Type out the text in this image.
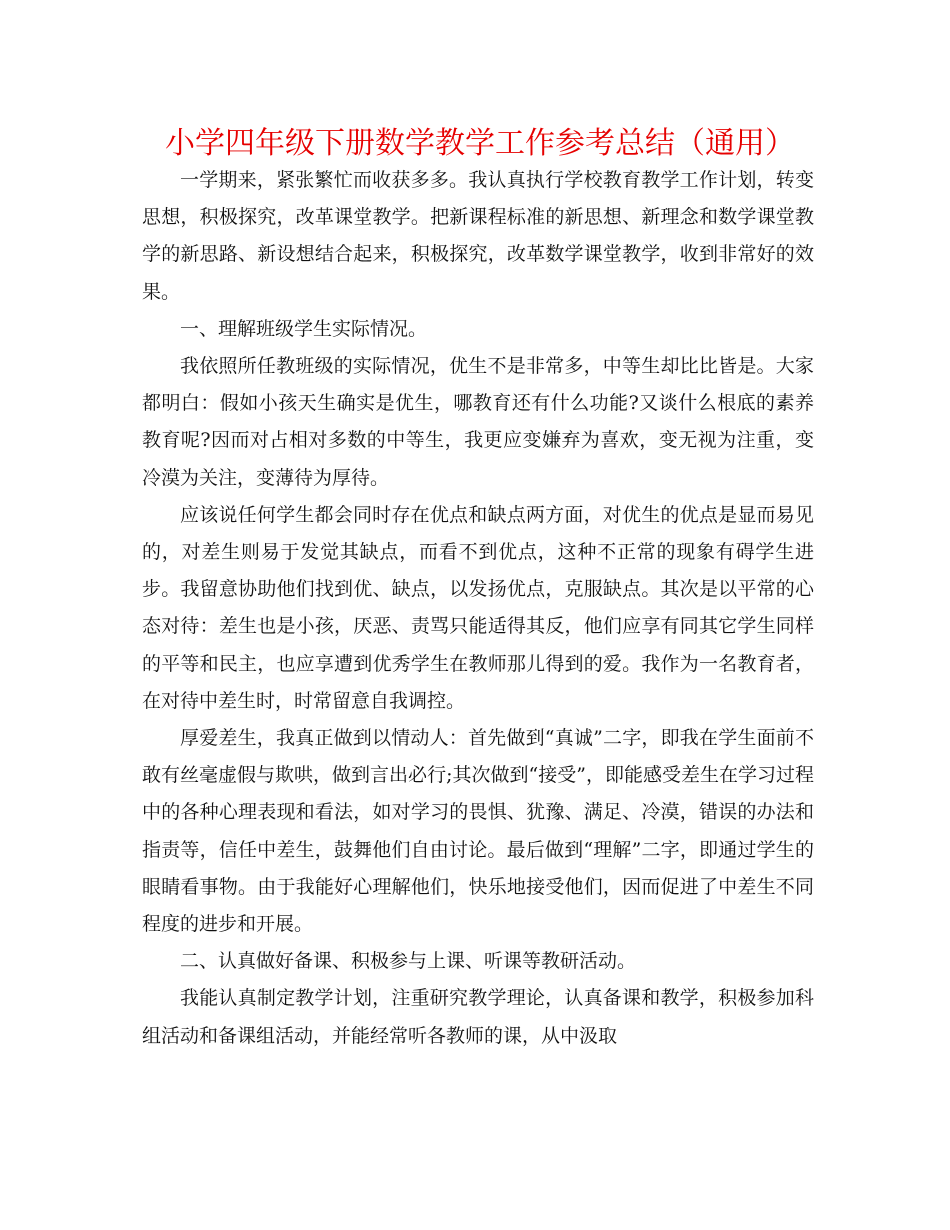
小学四年级下册数学教学工作参考总结（通用）

一学期来，紧张繁忙而收获多多。我认真执行学校教育教学工作计划，转变思想，积极探究，改革课堂教学。把新课程标准的新思想、新理念和数学课堂教学的新思路、新设想结合起来，积极探究，改革数学课堂教学，收到非常好的效果。

一、理解班级学生实际情况。

我依照所任教班级的实际情况，优生不是非常多，中等生却比比皆是。大家都明白：假如小孩天生确实是优生，哪教育还有什么功能?又谈什么根底的素养教育呢?因而对占相对多数的中等生，我更应变嫌弃为喜欢，变无视为注重，变冷漠为关注，变薄待为厚待。

应该说任何学生都会同时存在优点和缺点两方面，对优生的优点是显而易见的，对差生则易于发觉其缺点，而看不到优点，这种不正常的现象有碍学生进步。我留意协助他们找到优、缺点，以发扬优点，克服缺点。其次是以平常的心态对待：差生也是小孩，厌恶、责骂只能适得其反，他们应享有同其它学生同样的平等和民主，也应享遭到优秀学生在教师那儿得到的爱。我作为一名教育者，在对待中差生时，时常留意自我调控。

厚爱差生，我真正做到以情动人：首先做到“真诚”二字，即我在学生面前不敢有丝毫虚假与欺哄，做到言出必行;其次做到“接受”，即能感受差生在学习过程中的各种心理表现和看法，如对学习的畏惧、犹豫、满足、冷漠，错误的办法和指责等，信任中差生，鼓舞他们自由讨论。最后做到“理解”二字，即通过学生的眼睛看事物。由于我能好心理解他们，快乐地接受他们，因而促进了中差生不同程度的进步和开展。

二、认真做好备课、积极参与上课、听课等教研活动。

我能认真制定教学计划，注重研究教学理论，认真备课和教学，积极参加科组活动和备课组活动，并能经常听各教师的课，从中汲取
